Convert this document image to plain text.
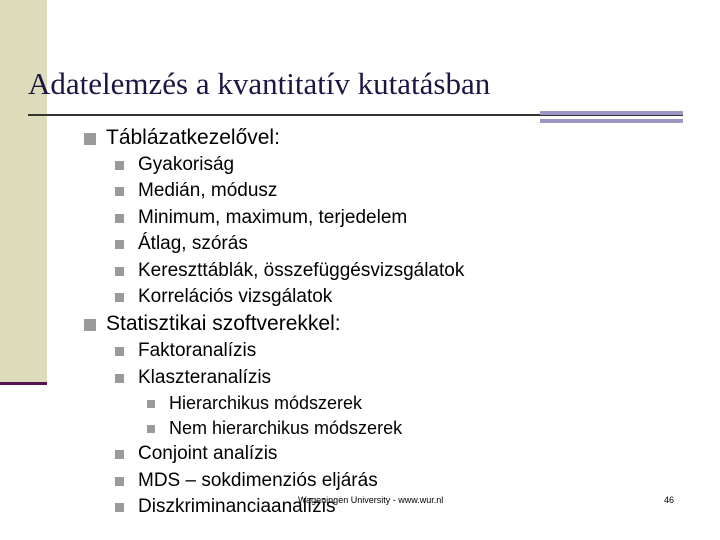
Adatelemzés a kvantitatív kutatásban
Táblázatkezelővel:
Gyakoriság
Medián, módusz
Minimum, maximum, terjedelem
Átlag, szórás
Kereszttáblák, összefüggésvizsgálatok
Korrelációs vizsgálatok
Statisztikai szoftverekkel:
Faktoranalízis
Klaszteranalízis
Hierarchikus módszerek
Nem hierarchikus módszerek
Conjoint analízis
MDS – sokdimenziós eljárás
Diszkriminanciaanalízis
Wageningen University - www.wur.nl	46
